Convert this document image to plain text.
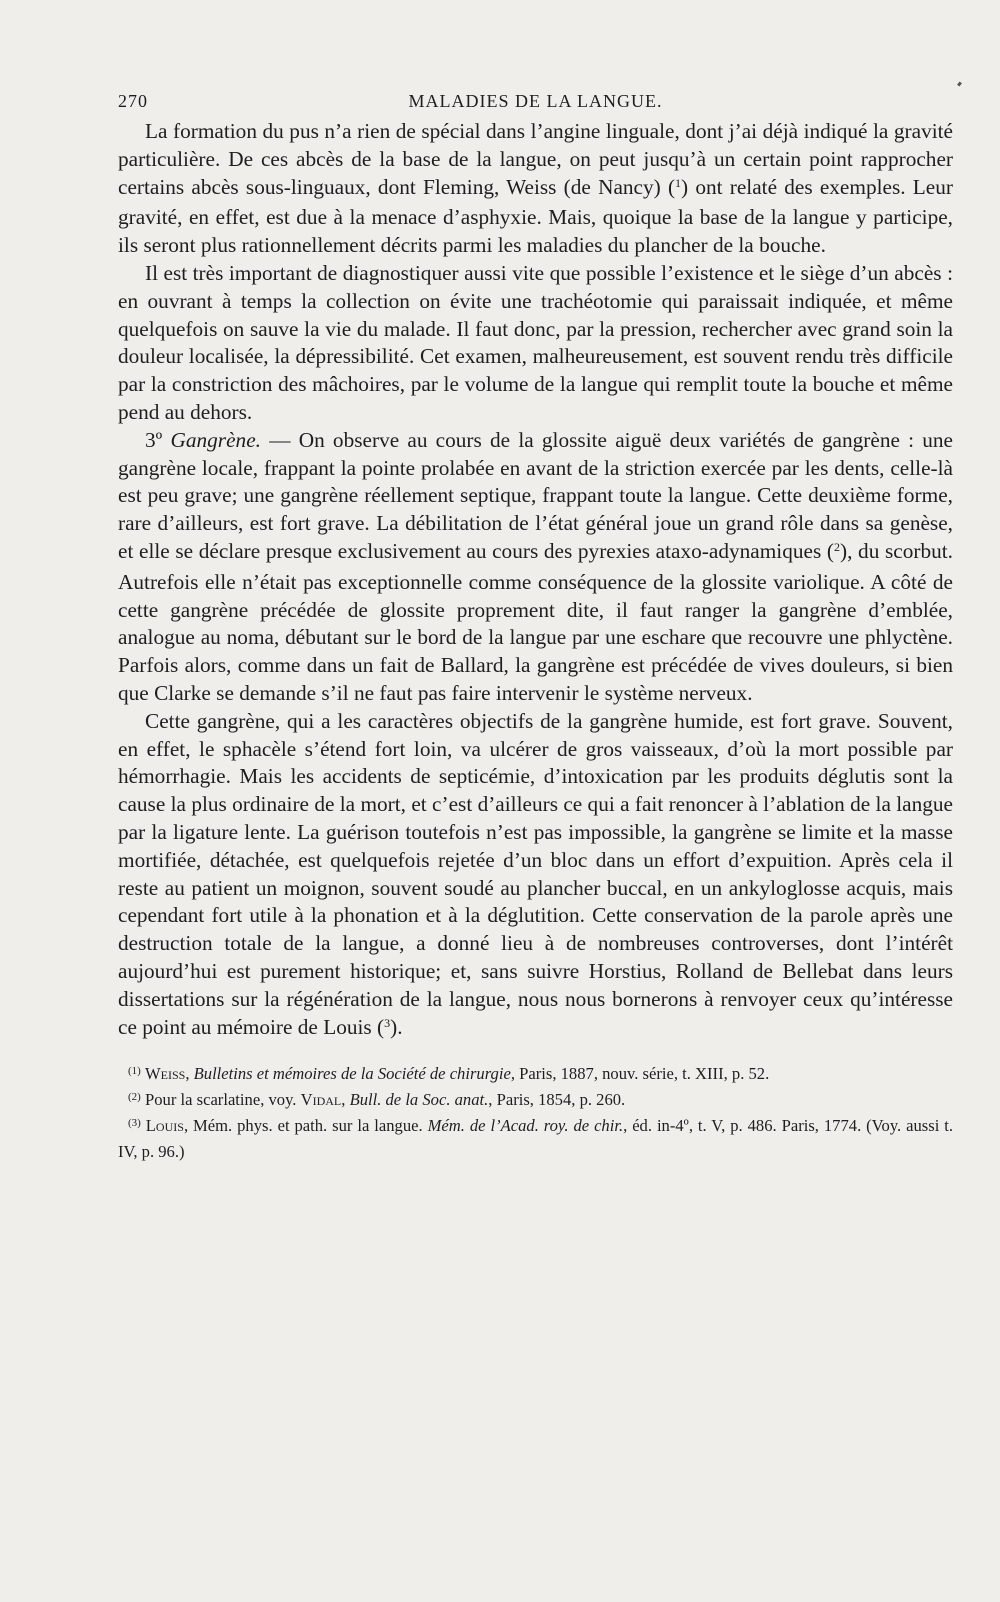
270	MALADIES DE LA LANGUE.

La formation du pus n’a rien de spécial dans l’angine linguale, dont j’ai déjà indiqué la gravité particulière. De ces abcès de la base de la langue, on peut jusqu’à un certain point rapprocher certains abcès sous-linguaux, dont Fleming, Weiss (de Nancy) ($^1$) ont relaté des exemples. Leur gravité, en effet, est due à la menace d’asphyxie. Mais, quoique la base de la langue y participe, ils seront plus rationnellement décrits parmi les maladies du plancher de la bouche.

Il est très important de diagnostiquer aussi vite que possible l’existence et le siège d’un abcès : en ouvrant à temps la collection on évite une trachéotomie qui paraissait indiquée, et même quelquefois on sauve la vie du malade. Il faut donc, par la pression, rechercher avec grand soin la douleur localisée, la dépressibilité. Cet examen, malheureusement, est souvent rendu très difficile par la constriction des mâchoires, par le volume de la langue qui remplit toute la bouche et même pend au dehors.

3º Gangrène. — On observe au cours de la glossite aiguë deux variétés de gangrène : une gangrène locale, frappant la pointe prolabée en avant de la striction exercée par les dents, celle-là est peu grave; une gangrène réellement septique, frappant toute la langue. Cette deuxième forme, rare d’ailleurs, est fort grave. La débilitation de l’état général joue un grand rôle dans sa genèse, et elle se déclare presque exclusivement au cours des pyrexies ataxo-adynamiques ($^2$), du scorbut. Autrefois elle n’était pas exceptionnelle comme conséquence de la glossite variolique. A côté de cette gangrène précédée de glossite proprement dite, il faut ranger la gangrène d’emblée, analogue au noma, débutant sur le bord de la langue par une eschare que recouvre une phlyctène. Parfois alors, comme dans un fait de Ballard, la gangrène est précédée de vives douleurs, si bien que Clarke se demande s’il ne faut pas faire intervenir le système nerveux.

Cette gangrène, qui a les caractères objectifs de la gangrène humide, est fort grave. Souvent, en effet, le sphacèle s’étend fort loin, va ulcérer de gros vaisseaux, d’où la mort possible par hémorrhagie. Mais les accidents de septicémie, d’intoxication par les produits déglutis sont la cause la plus ordinaire de la mort, et c’est d’ailleurs ce qui a fait renoncer à l’ablation de la langue par la ligature lente. La guérison toutefois n’est pas impossible, la gangrène se limite et la masse mortifiée, détachée, est quelquefois rejetée d’un bloc dans un effort d’expuition. Après cela il reste au patient un moignon, souvent soudé au plancher buccal, en un ankyloglosse acquis, mais cependant fort utile à la phonation et à la déglutition. Cette conservation de la parole après une destruction totale de la langue, a donné lieu à de nombreuses controverses, dont l’intérêt aujourd’hui est purement historique; et, sans suivre Horstius, Rolland de Bellebat dans leurs dissertations sur la régénération de la langue, nous nous bornerons à renvoyer ceux qu’intéresse ce point au mémoire de Louis ($^3$).

$^{(1)}$ Weiss, Bulletins et mémoires de la Société de chirurgie, Paris, 1887, nouv. série, t. XIII, p. 52.

$^{(2)}$ Pour la scarlatine, voy. Vidal, Bull. de la Soc. anat., Paris, 1854, p. 260.

$^{(3)}$ Louis, Mém. phys. et path. sur la langue. Mém. de l’Acad. roy. de chir., éd. in-4º, t. V, p. 486. Paris, 1774. (Voy. aussi t. IV, p. 96.)
